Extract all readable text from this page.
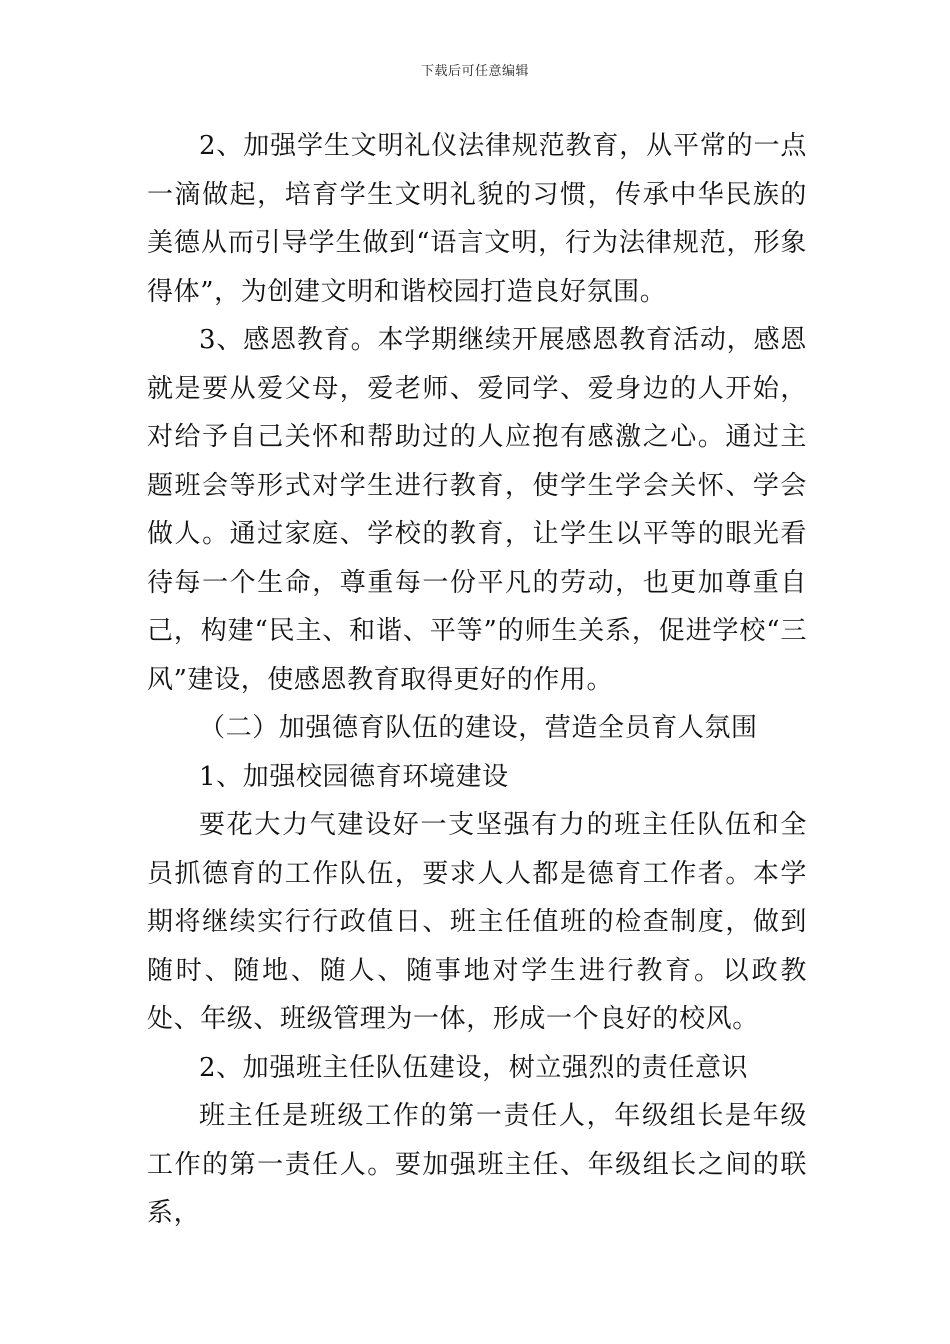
下载后可任意编辑

2、加强学生文明礼仪法律规范教育，从平常的一点一滴做起，培育学生文明礼貌的习惯，传承中华民族的美德从而引导学生做到“语言文明，行为法律规范，形象得体”，为创建文明和谐校园打造良好氛围。

3、感恩教育。本学期继续开展感恩教育活动，感恩就是要从爱父母，爱老师、爱同学、爱身边的人开始，对给予自己关怀和帮助过的人应抱有感激之心。通过主题班会等形式对学生进行教育，使学生学会关怀、学会做人。通过家庭、学校的教育，让学生以平等的眼光看待每一个生命，尊重每一份平凡的劳动，也更加尊重自己，构建“民主、和谐、平等”的师生关系，促进学校“三风”建设，使感恩教育取得更好的作用。

（二）加强德育队伍的建设，营造全员育人氛围

1、加强校园德育环境建设

要花大力气建设好一支坚强有力的班主任队伍和全员抓德育的工作队伍，要求人人都是德育工作者。本学期将继续实行行政值日、班主任值班的检查制度，做到随时、随地、随人、随事地对学生进行教育。以政教处、年级、班级管理为一体，形成一个良好的校风。

2、加强班主任队伍建设，树立强烈的责任意识

班主任是班级工作的第一责任人，年级组长是年级工作的第一责任人。要加强班主任、年级组长之间的联系，
